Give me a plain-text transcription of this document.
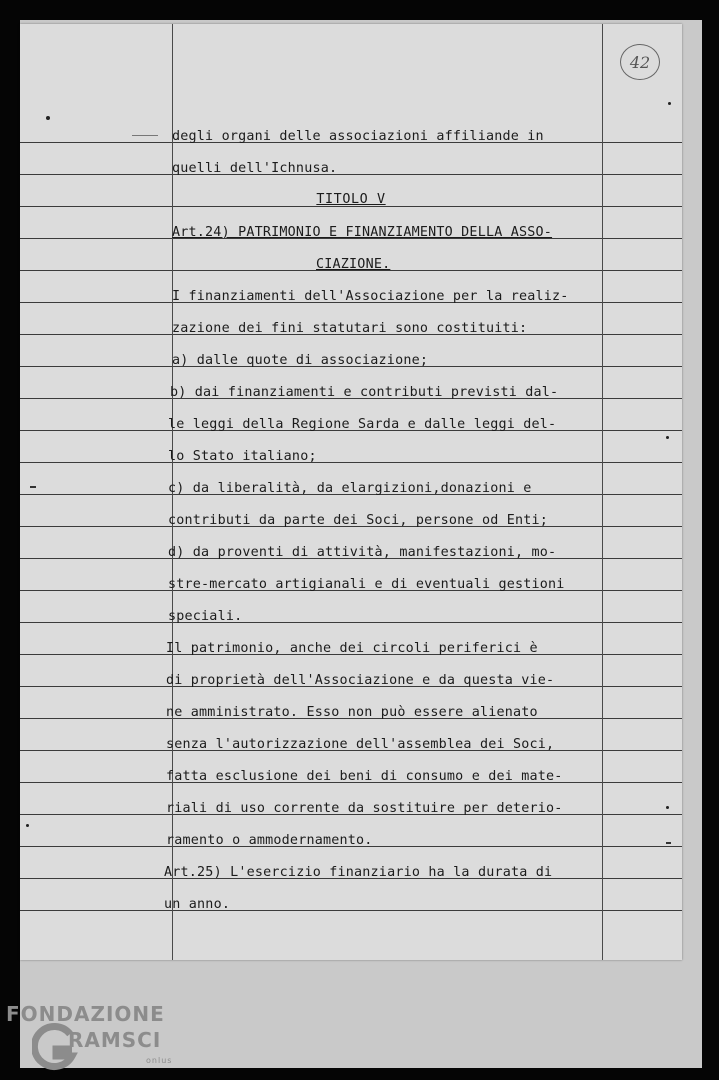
42
TITOLO V
degli organi delle associazioni affiliande in
quelli dell'Ichnusa.
Art.24) PATRIMONIO E FINANZIAMENTO DELLA ASSO-
CIAZIONE.
I finanziamenti dell'Associazione per la realiz-
zazione dei fini statutari sono costituiti:
a) dalle quote di associazione;
b) dai finanziamenti e contributi previsti dal-
le leggi della Regione Sarda e dalle leggi del-
lo Stato italiano;
c) da liberalità, da elargizioni,donazioni e
contributi da parte dei Soci, persone od Enti;
d) da proventi di attività, manifestazioni, mo-
stre-mercato artigianali e di eventuali gestioni
speciali.
Il patrimonio, anche dei circoli periferici è
di proprietà dell'Associazione e da questa vie-
ne amministrato. Esso non può essere alienato
senza l'autorizzazione dell'assemblea dei Soci,
fatta esclusione dei beni di consumo e dei mate-
riali di uso corrente da sostituire per deterio-
ramento o ammodernamento.
Art.25) L'esercizio finanziario ha la durata di
un anno.
FONDAZIONE
RAMSCI
onlus
